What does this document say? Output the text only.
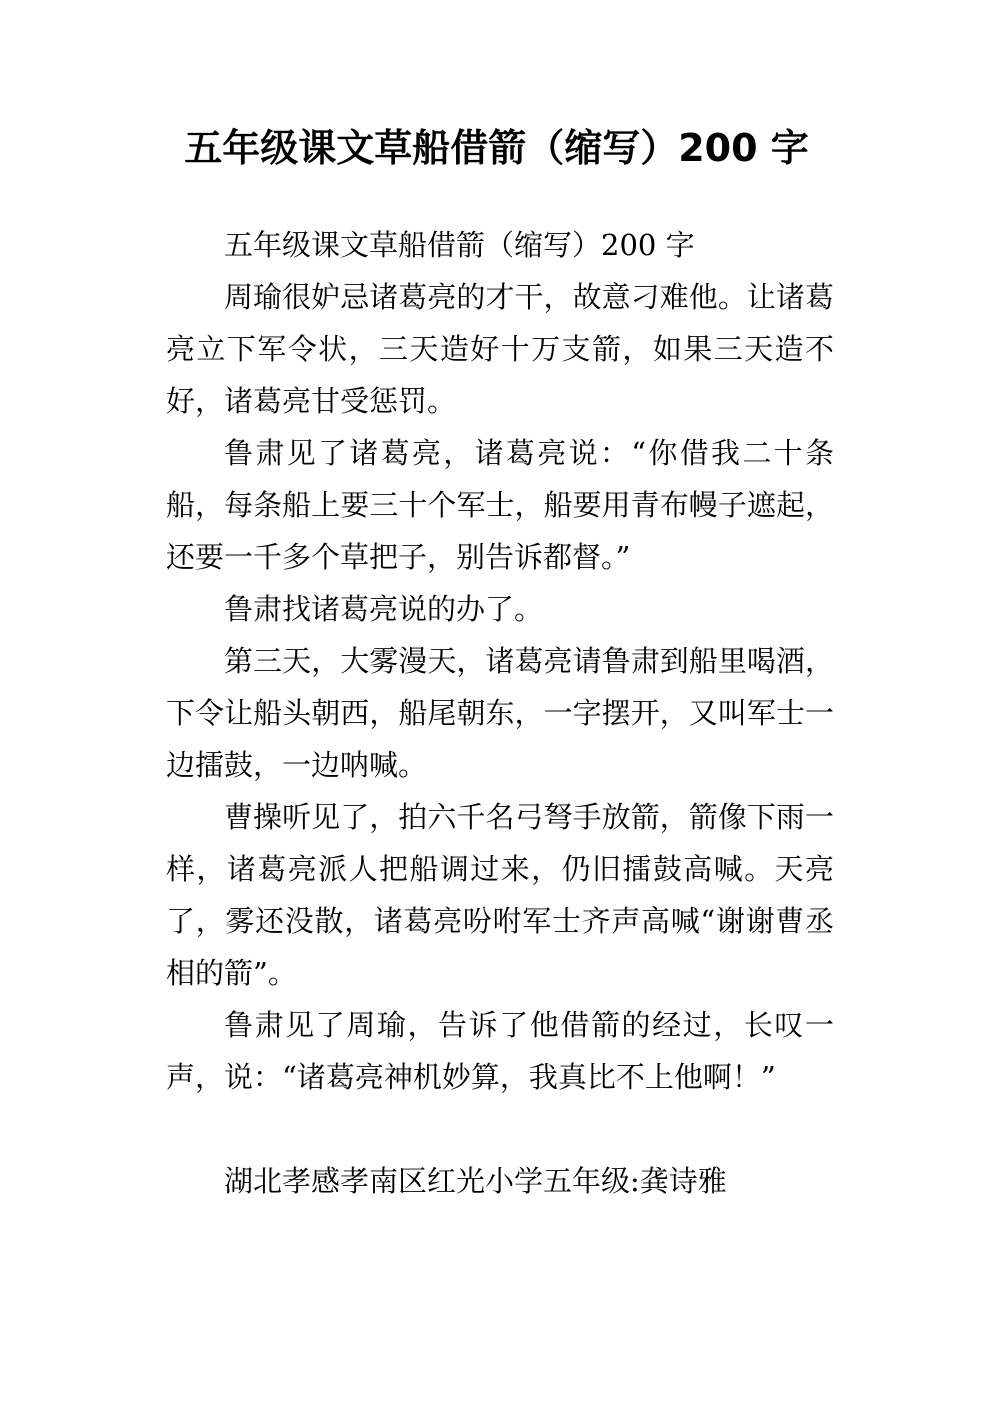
五年级课文草船借箭（缩写）200 字

五年级课文草船借箭（缩写）200 字

周瑜很妒忌诸葛亮的才干，故意刁难他。让诸葛亮立下军令状，三天造好十万支箭，如果三天造不好，诸葛亮甘受惩罚。

鲁肃见了诸葛亮，诸葛亮说：“你借我二十条船，每条船上要三十个军士，船要用青布幔子遮起，还要一千多个草把子，别告诉都督。”

鲁肃找诸葛亮说的办了。

第三天，大雾漫天，诸葛亮请鲁肃到船里喝酒，下令让船头朝西，船尾朝东，一字摆开，又叫军士一边擂鼓，一边呐喊。

曹操听见了，拍六千名弓弩手放箭，箭像下雨一样，诸葛亮派人把船调过来，仍旧擂鼓高喊。天亮了，雾还没散，诸葛亮吩咐军士齐声高喊“谢谢曹丞相的箭”。

鲁肃见了周瑜，告诉了他借箭的经过，长叹一声，说：“诸葛亮神机妙算，我真比不上他啊！”

湖北孝感孝南区红光小学五年级:龚诗雅
